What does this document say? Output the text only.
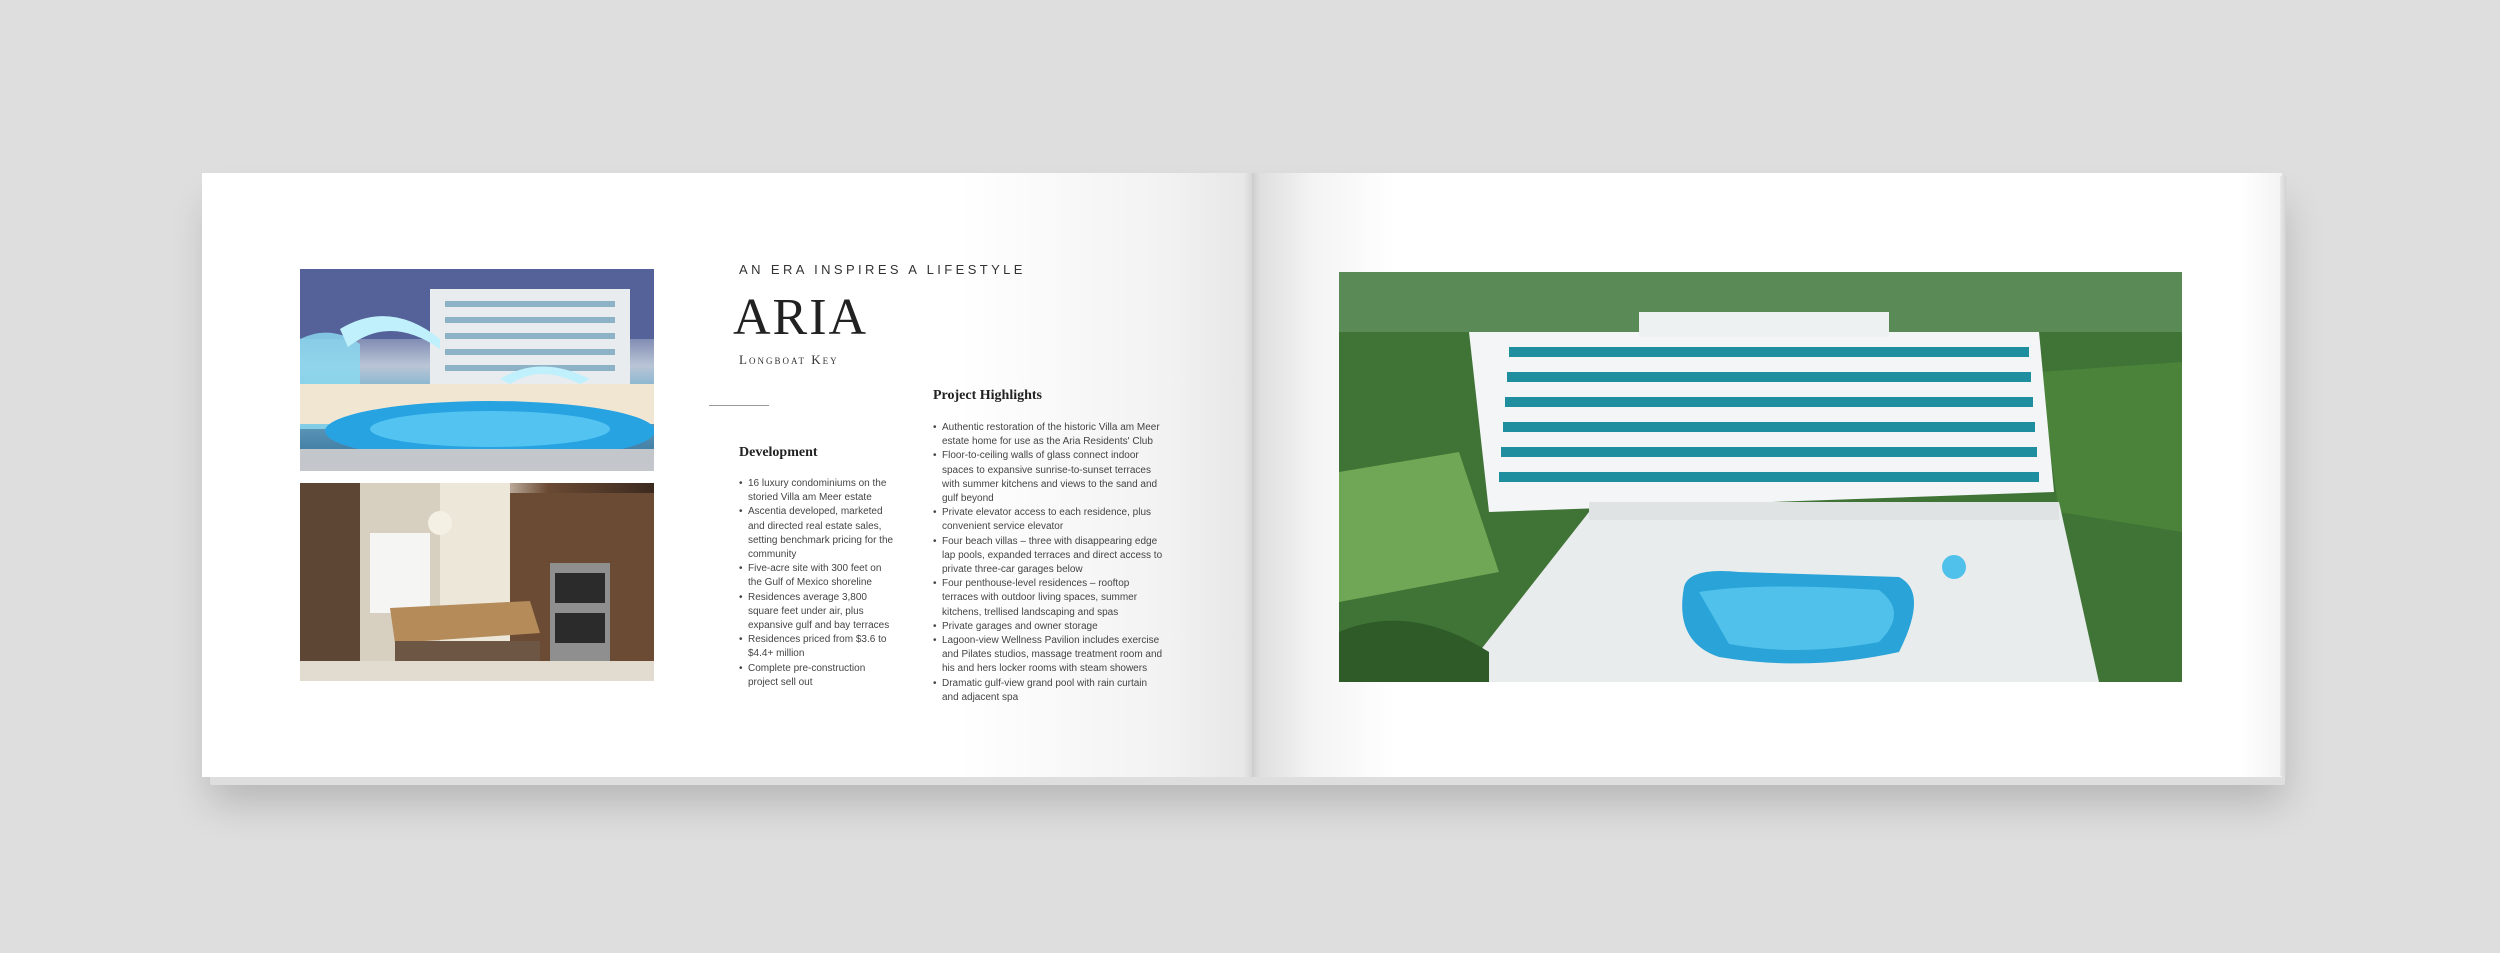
AN ERA INSPIRES A LIFESTYLE
ARIA
Longboat Key
Development
• 16 luxury condominiums on the storied Villa am Meer estate
• Ascentia developed, marketed and directed real estate sales, setting benchmark pricing for the community
• Five-acre site with 300 feet on the Gulf of Mexico shoreline
• Residences average 3,800 square feet under air, plus expansive gulf and bay terraces
• Residences priced from $3.6 to $4.4+ million
• Complete pre-construction project sell out
Project Highlights
• Authentic restoration of the historic Villa am Meer estate home for use as the Aria Residents' Club
• Floor-to-ceiling walls of glass connect indoor spaces to expansive sunrise-to-sunset terraces with summer kitchens and views to the sand and gulf beyond
• Private elevator access to each residence, plus convenient service elevator
• Four beach villas – three with disappearing edge lap pools, expanded terraces and direct access to private three-car garages below
• Four penthouse-level residences – rooftop terraces with outdoor living spaces, summer kitchens, trellised landscaping and spas
• Private garages and owner storage
• Lagoon-view Wellness Pavilion includes exercise and Pilates studios, massage treatment room and his and hers locker rooms with steam showers
• Dramatic gulf-view grand pool with rain curtain and adjacent spa
